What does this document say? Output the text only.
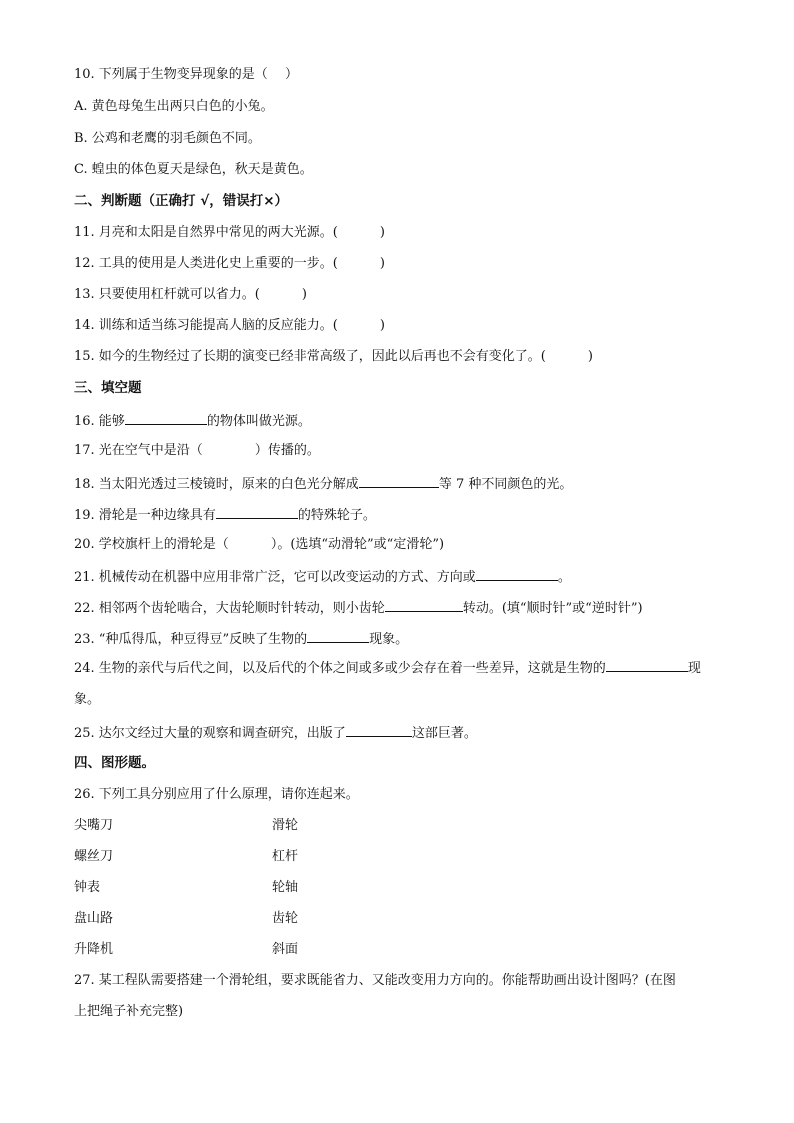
10. 下列属于生物变异现象的是（　 ）
A. 黄色母兔生出两只白色的小兔。
B. 公鸡和老鹰的羽毛颜色不同。
C. 蝗虫的体色夏天是绿色，秋天是黄色。
二、判断题（正确打 √，错误打×）
11. 月亮和太阳是自然界中常见的两大光源。(	)
12. 工具的使用是人类进化史上重要的一步。(	)
13. 只要使用杠杆就可以省力。(	)
14. 训练和适当练习能提高人脑的反应能力。(	)
15. 如今的生物经过了长期的演变已经非常高级了，因此以后再也不会有变化了。(	)
三、填空题
16. 能够	的物体叫做光源。
17. 光在空气中是沿（	）传播的。
18. 当太阳光透过三棱镜时，原来的白色光分解成	等 7 种不同颜色的光。
19. 滑轮是一种边缘具有	的特殊轮子。
20. 学校旗杆上的滑轮是（	）。(选填“动滑轮”或“定滑轮”)
21. 机械传动在机器中应用非常广泛，它可以改变运动的方式、方向或	。
22. 相邻两个齿轮啮合，大齿轮顺时针转动，则小齿轮	转动。(填“顺时针”或“逆时针”)
23. “种瓜得瓜，种豆得豆”反映了生物的	现象。
24. 生物的亲代与后代之间，以及后代的个体之间或多或少会存在着一些差异，这就是生物的	现象。
25. 达尔文经过大量的观察和调查研究，出版了	这部巨著。
四、图形题。
26. 下列工具分别应用了什么原理，请你连起来。
尖嘴刀	滑轮
螺丝刀	杠杆
钟表	轮轴
盘山路	齿轮
升降机	斜面
27. 某工程队需要搭建一个滑轮组，要求既能省力、又能改变用力方向的。你能帮助画出设计图吗？(在图
上把绳子补充完整)
